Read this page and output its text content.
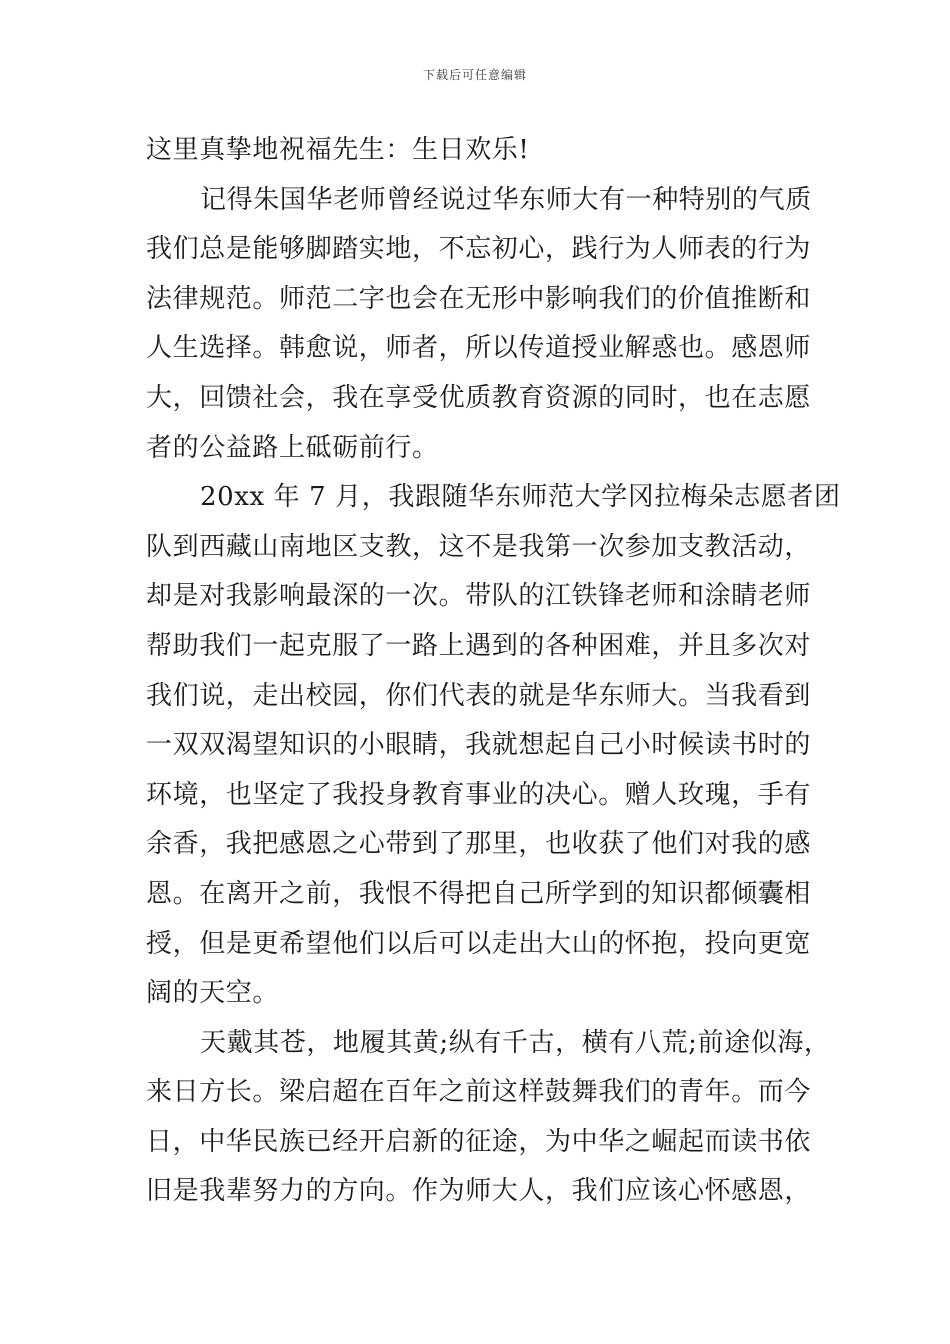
下载后可任意编辑
这里真挚地祝福先生：生日欢乐!
记得朱国华老师曾经说过华东师大有一种特别的气质
我们总是能够脚踏实地，不忘初心，践行为人师表的行为
法律规范。师范二字也会在无形中影响我们的价值推断和
人生选择。韩愈说，师者，所以传道授业解惑也。感恩师
大，回馈社会，我在享受优质教育资源的同时，也在志愿
者的公益路上砥砺前行。
20xx 年 7 月，我跟随华东师范大学冈拉梅朵志愿者团
队到西藏山南地区支教，这不是我第一次参加支教活动，
却是对我影响最深的一次。带队的江铁锋老师和涂睛老师
帮助我们一起克服了一路上遇到的各种困难，并且多次对
我们说，走出校园，你们代表的就是华东师大。当我看到
一双双渴望知识的小眼睛，我就想起自己小时候读书时的
环境，也坚定了我投身教育事业的决心。赠人玫瑰，手有
余香，我把感恩之心带到了那里，也收获了他们对我的感
恩。在离开之前，我恨不得把自己所学到的知识都倾囊相
授，但是更希望他们以后可以走出大山的怀抱，投向更宽
阔的天空。
天戴其苍，地履其黄;纵有千古，横有八荒;前途似海，
来日方长。梁启超在百年之前这样鼓舞我们的青年。而今
日，中华民族已经开启新的征途，为中华之崛起而读书依
旧是我辈努力的方向。作为师大人，我们应该心怀感恩，
